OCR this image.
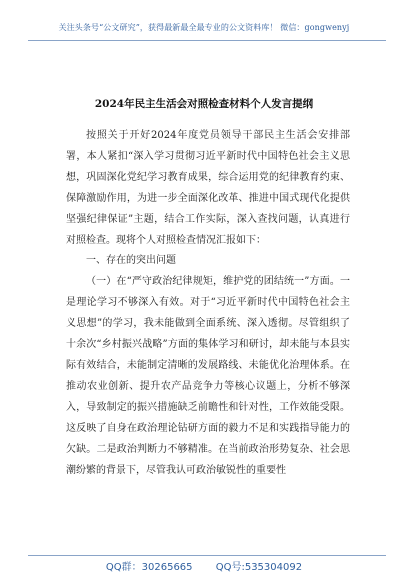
关注头条号“公文研究”，获得最新最全最专业的公文资料库！ 微信：gongwenyj
2024年民主生活会对照检查材料个人发言提纲

按照关于开好2024年度党员领导干部民主生活会安排部署，本人紧扣“深入学习贯彻习近平新时代中国特色社会主义思想，巩固深化党纪学习教育成果，综合运用党的纪律教育约束、保障激励作用，为进一步全面深化改革、推进中国式现代化提供坚强纪律保证”主题，结合工作实际，深入查找问题，认真进行对照检查。现将个人对照检查情况汇报如下：

一、存在的突出问题

（一）在“严守政治纪律规矩，维护党的团结统一”方面。一是理论学习不够深入有效。对于“习近平新时代中国特色社会主义思想”的学习，我未能做到全面系统、深入透彻。尽管组织了十余次“乡村振兴战略”方面的集体学习和研讨，却未能与本县实际有效结合，未能制定清晰的发展路线、未能优化治理体系。在推动农业创新、提升农产品竞争力等核心议题上，分析不够深入，导致制定的振兴措施缺乏前瞻性和针对性，工作效能受限。这反映了自身在政治理论钻研方面的毅力不足和实践指导能力的欠缺。二是政治判断力不够精准。在当前政治形势复杂、社会思潮纷繁的背景下，尽管我认可政治敏锐性的重要性

QQ群：30265665 QQ号:535304092
